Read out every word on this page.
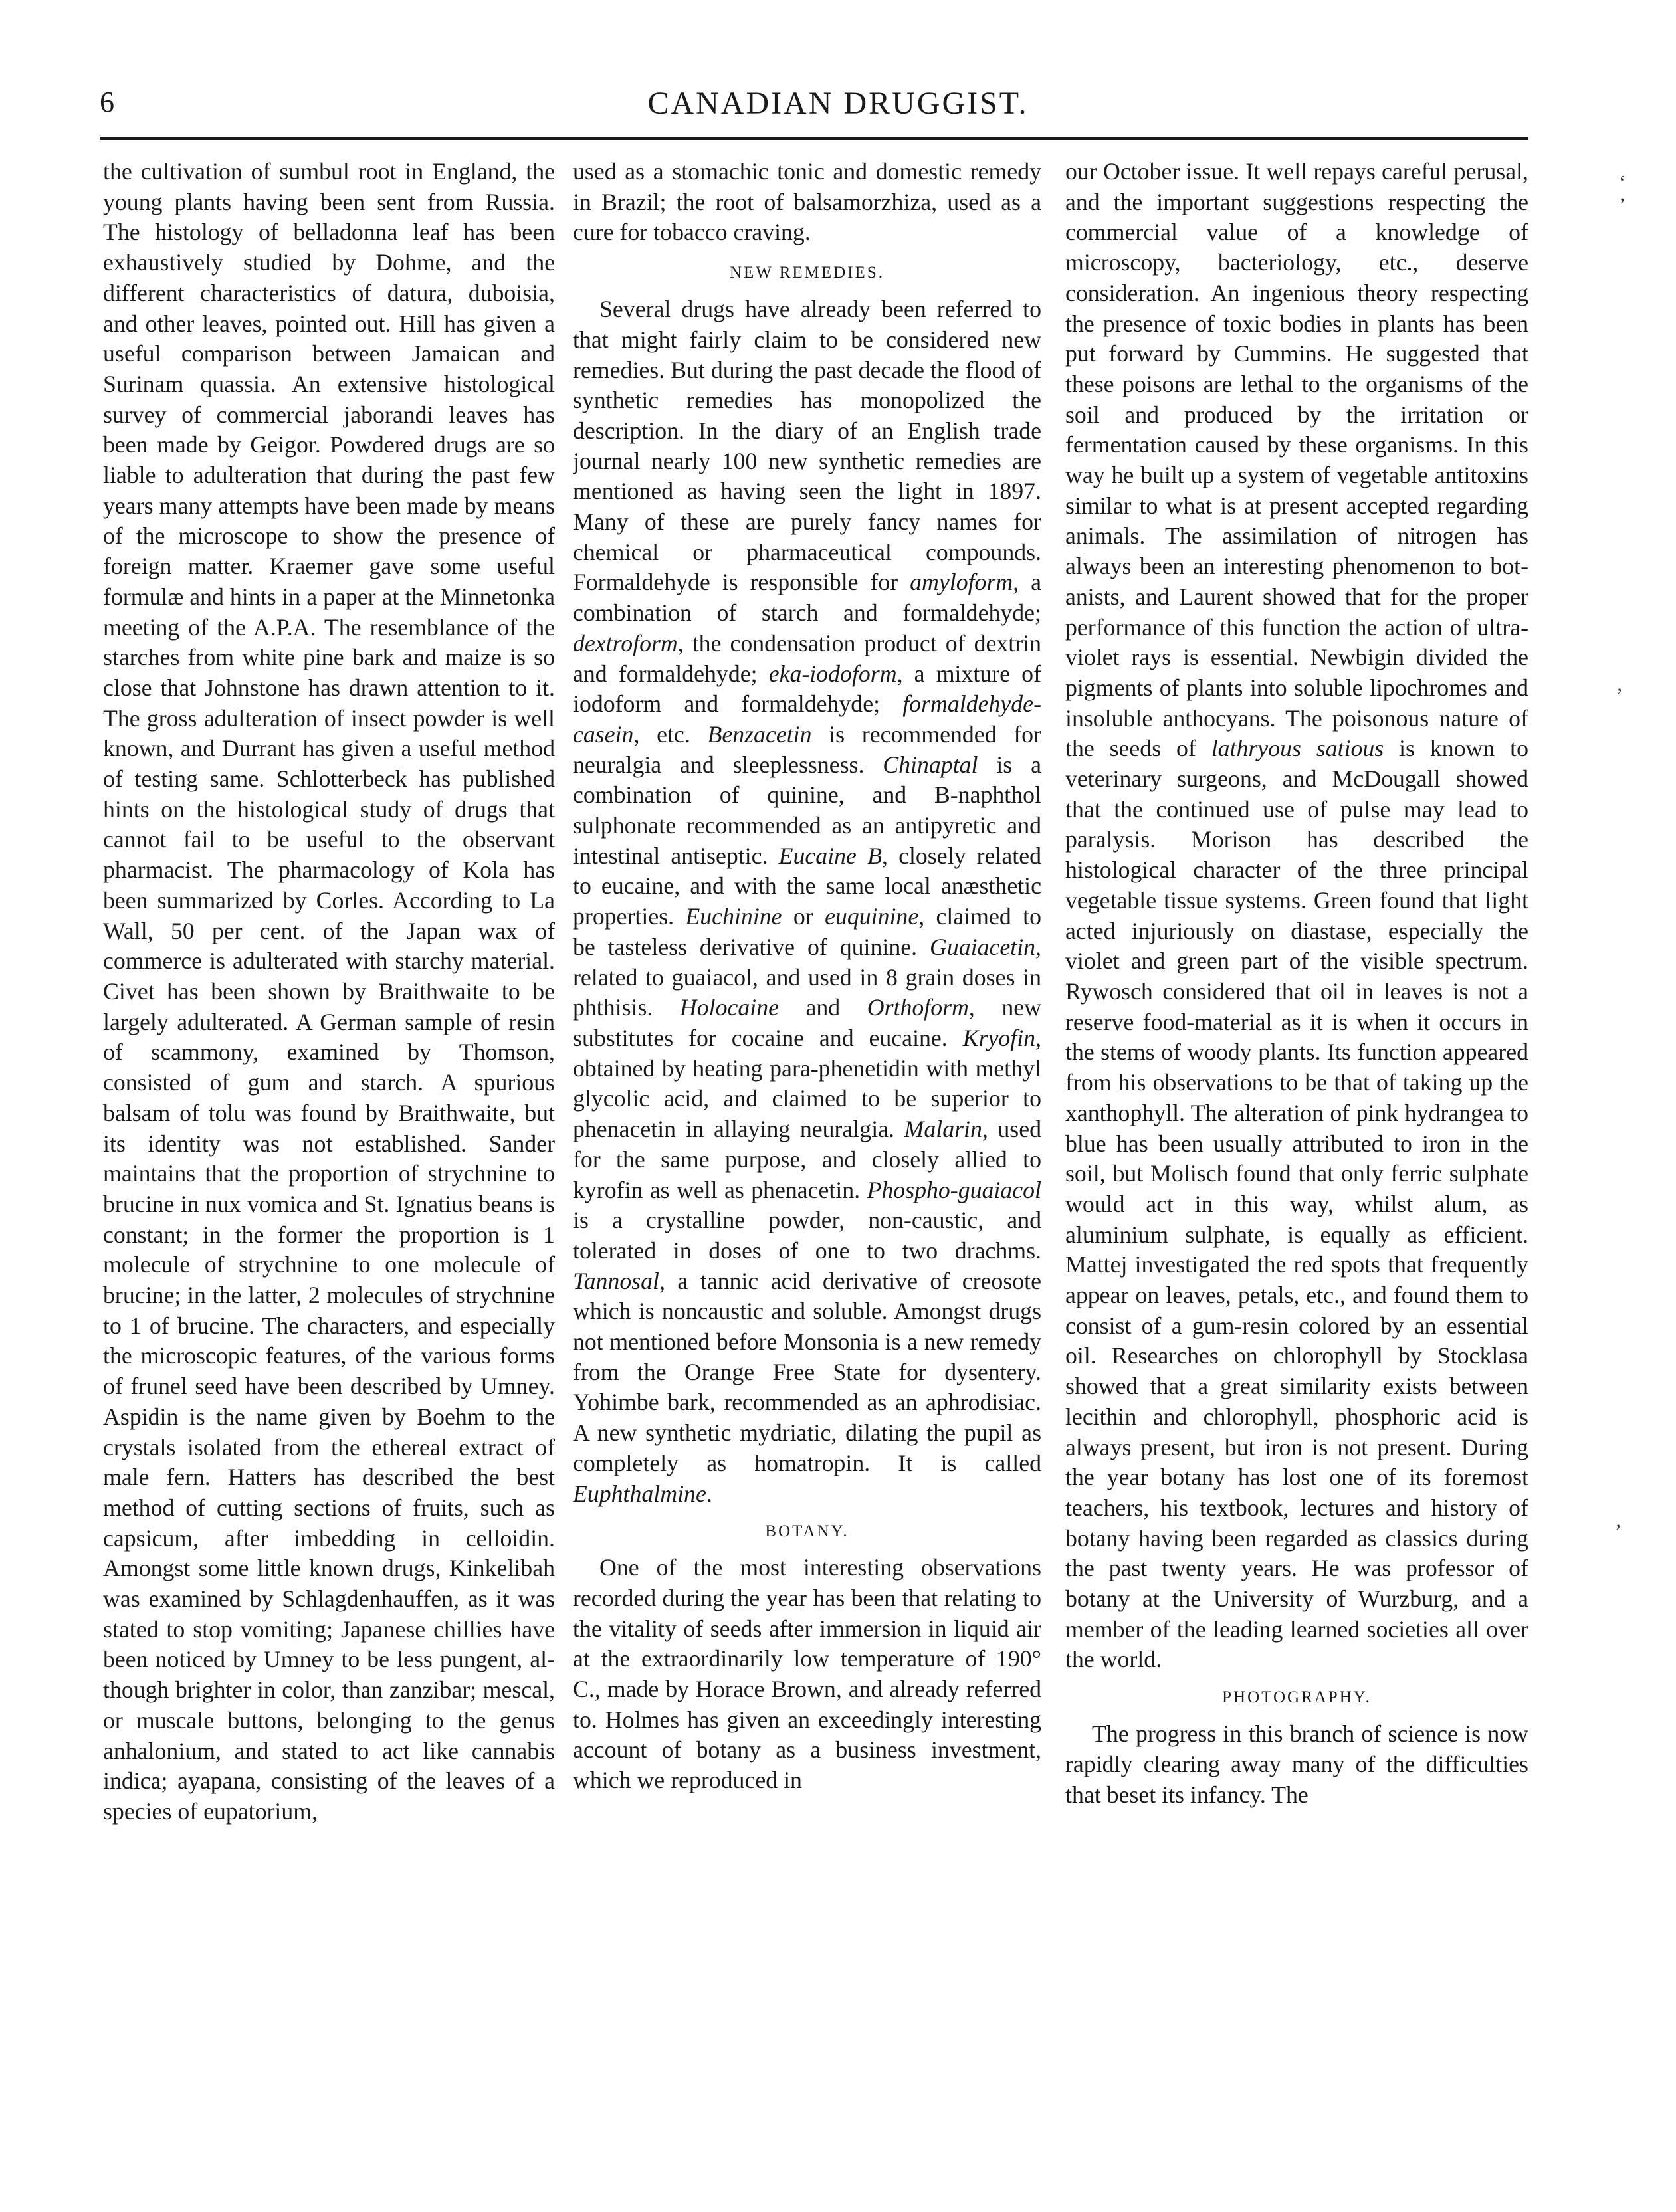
6	CANADIAN DRUGGIST.

the cultivation of sumbul root in England, the young plants having been sent from Russia. The histology of belladonna leaf has been exhaustively studied by Dohme, and the different characteristics of datura, duboisia, and other leaves, pointed out. Hill has given a useful comparison between Jamaican and Surinam quassia. An extensive histological survey of commercial jaborandi leaves has been made by Geigor. Powdered drugs are so liable to adulteration that during the past few years many attempts have been made by means of the microscope to show the presence of foreign matter. Kraemer gave some useful formulæ and hints in a paper at the Minnetonka meeting of the A.P.A. The resemblance of the starches from white pine bark and maize is so close that Johnstone has drawn attention to it. The gross adulteration of insect powder is well known, and Durrant has given a useful method of testing same. Schlotterbeck has published hints on the histological study of drugs that cannot fail to be useful to the observant pharmacist. The pharmacology of Kola has been summarized by Corles. According to La Wall, 50 per cent. of the Japan wax of commerce is adulterated with starchy material. Civet has been shown by Braithwaite to be largely adulterated. A German sample of resin of scammony, examined by Thomson, consisted of gum and starch. A spurious balsam of tolu was found by Braithwaite, but its identity was not established. Sander maintains that the proportion of strychnine to brucine in nux vomica and St. Ignatius beans is constant; in the former the proportion is 1 molecule of strychnine to one molecule of brucine; in the latter, 2 molecules of strychnine to 1 of brucine. The characters, and especially the microscopic features, of the various forms of frunel seed have been described by Umney. Aspidin is the name given by Boehm to the crystals isolated from the ethereal extract of male fern. Hatters has described the best method of cutting sections of fruits, such as capsicum, after imbedding in celloidin. Amongst some little known drugs, Kinkelibah was examined by Schlagdenhauffen, as it was stated to stop vomiting; Japanese chillies have been noticed by Umney to be less pungent, although brighter in color, than zanzibar; mescal, or muscale buttons, belonging to the genus anhalonium, and stated to act like cannabis indica; ayapana, consisting of the leaves of a species of eupatorium,

used as a stomachic tonic and domestic remedy in Brazil; the root of balsamorzhiza, used as a cure for tobacco craving.

NEW REMEDIES.

Several drugs have already been referred to that might fairly claim to be considered new remedies. But during the past decade the flood of synthetic remedies has monopolized the description. In the diary of an English trade journal nearly 100 new synthetic remedies are mentioned as having seen the light in 1897. Many of these are purely fancy names for chemical or pharmaceutical compounds. Formaldehyde is responsible for amyloform, a combination of starch and formaldehyde; dextroform, the condensation product of dextrin and formaldehyde; eka-iodoform, a mixture of iodoform and formaldehyde; formaldehyde-casein, etc. Benzacetin is recommended for neuralgia and sleeplessness. Chinaptal is a combination of quinine, and B-naphthol sulphonate recommended as an antipyretic and intestinal antiseptic. Eucaine B, closely related to eucaine, and with the same local anæsthetic properties. Euchinine or euquinine, claimed to be tasteless derivative of quinine. Guaiacetin, related to guaiacol, and used in 8 grain doses in phthisis. Holocaine and Orthoform, new substitutes for cocaine and eucaine. Kryofin, obtained by heating para-phenetidin with methyl glycolic acid, and claimed to be superior to phenacetin in allaying neuralgia. Malarin, used for the same purpose, and closely allied to kyrofin as well as phenacetin. Phospho-guaiacol is a crystalline powder, non-caustic, and tolerated in doses of one to two drachms. Tannosal, a tannic acid derivative of creosote which is noncaustic and soluble. Amongst drugs not mentioned before Monsonia is a new remedy from the Orange Free State for dysentery. Yohimbe bark, recommended as an aphrodisiac. A new synthetic mydriatic, dilating the pupil as completely as homatropin. It is called Euphthalmine.

BOTANY.

One of the most interesting observations recorded during the year has been that relating to the vitality of seeds after immersion in liquid air at the extraordinarily low temperature of 190° C., made by Horace Brown, and already referred to. Holmes has given an exceedingly interesting account of botany as a business investment, which we reproduced in

our October issue. It well repays careful perusal, and the important suggestions respecting the commercial value of a knowledge of microscopy, bacteriology, etc., deserve consideration. An ingenious theory respecting the presence of toxic bodies in plants has been put forward by Cummins. He suggested that these poisons are lethal to the organisms of the soil and produced by the irritation or fermentation caused by these organisms. In this way he built up a system of vegetable antitoxins similar to what is at present accepted regarding animals. The assimilation of nitrogen has always been an interesting phenomenon to botanists, and Laurent showed that for the proper performance of this function the action of ultra-violet rays is essential. Newbigin divided the pigments of plants into soluble lipochromes and insoluble anthocyans. The poisonous nature of the seeds of lathryous satious is known to veterinary surgeons, and McDougall showed that the continued use of pulse may lead to paralysis. Morison has described the histological character of the three principal vegetable tissue systems. Green found that light acted injuriously on diastase, especially the violet and green part of the visible spectrum. Rywosch considered that oil in leaves is not a reserve food-material as it is when it occurs in the stems of woody plants. Its function appeared from his observations to be that of taking up the xanthophyll. The alteration of pink hydrangea to blue has been usually attributed to iron in the soil, but Molisch found that only ferric sulphate would act in this way, whilst alum, as aluminium sulphate, is equally as efficient. Mattej investigated the red spots that frequently appear on leaves, petals, etc., and found them to consist of a gum-resin colored by an essential oil. Researches on chlorophyll by Stocklasa showed that a great similarity exists between lecithin and chlorophyll, phosphoric acid is always present, but iron is not present. During the year botany has lost one of its foremost teachers, his textbook, lectures and history of botany having been regarded as classics during the past twenty years. He was professor of botany at the University of Wurzburg, and a member of the leading learned societies all over the world.

PHOTOGRAPHY.

The progress in this branch of science is now rapidly clearing away many of the difficulties that beset its infancy. The

‘
’
’
’
